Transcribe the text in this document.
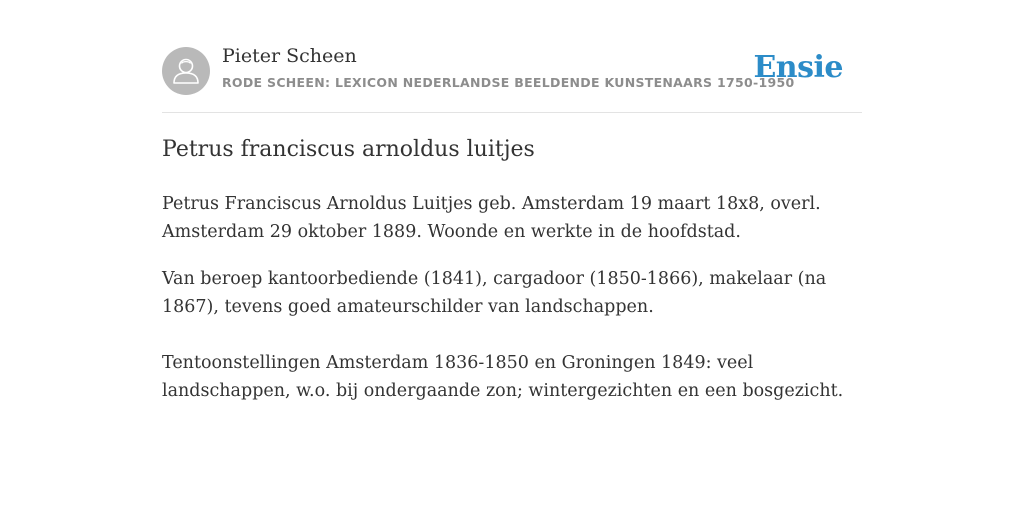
Pieter Scheen
RODE SCHEEN: LEXICON NEDERLANDSE BEELDENDE KUNSTENAARS 1750-1950
Ensie
Petrus franciscus arnoldus luitjes

Petrus Franciscus Arnoldus Luitjes geb. Amsterdam 19 maart 18x8, overl. Amsterdam 29 oktober 1889. Woonde en werkte in de hoofdstad.

Van beroep kantoorbediende (1841), cargadoor (1850-1866), makelaar (na 1867), tevens goed amateurschilder van landschappen.

Tentoonstellingen Amsterdam 1836-1850 en Groningen 1849: veel landschappen, w.o. bij ondergaande zon; wintergezichten en een bosgezicht.
